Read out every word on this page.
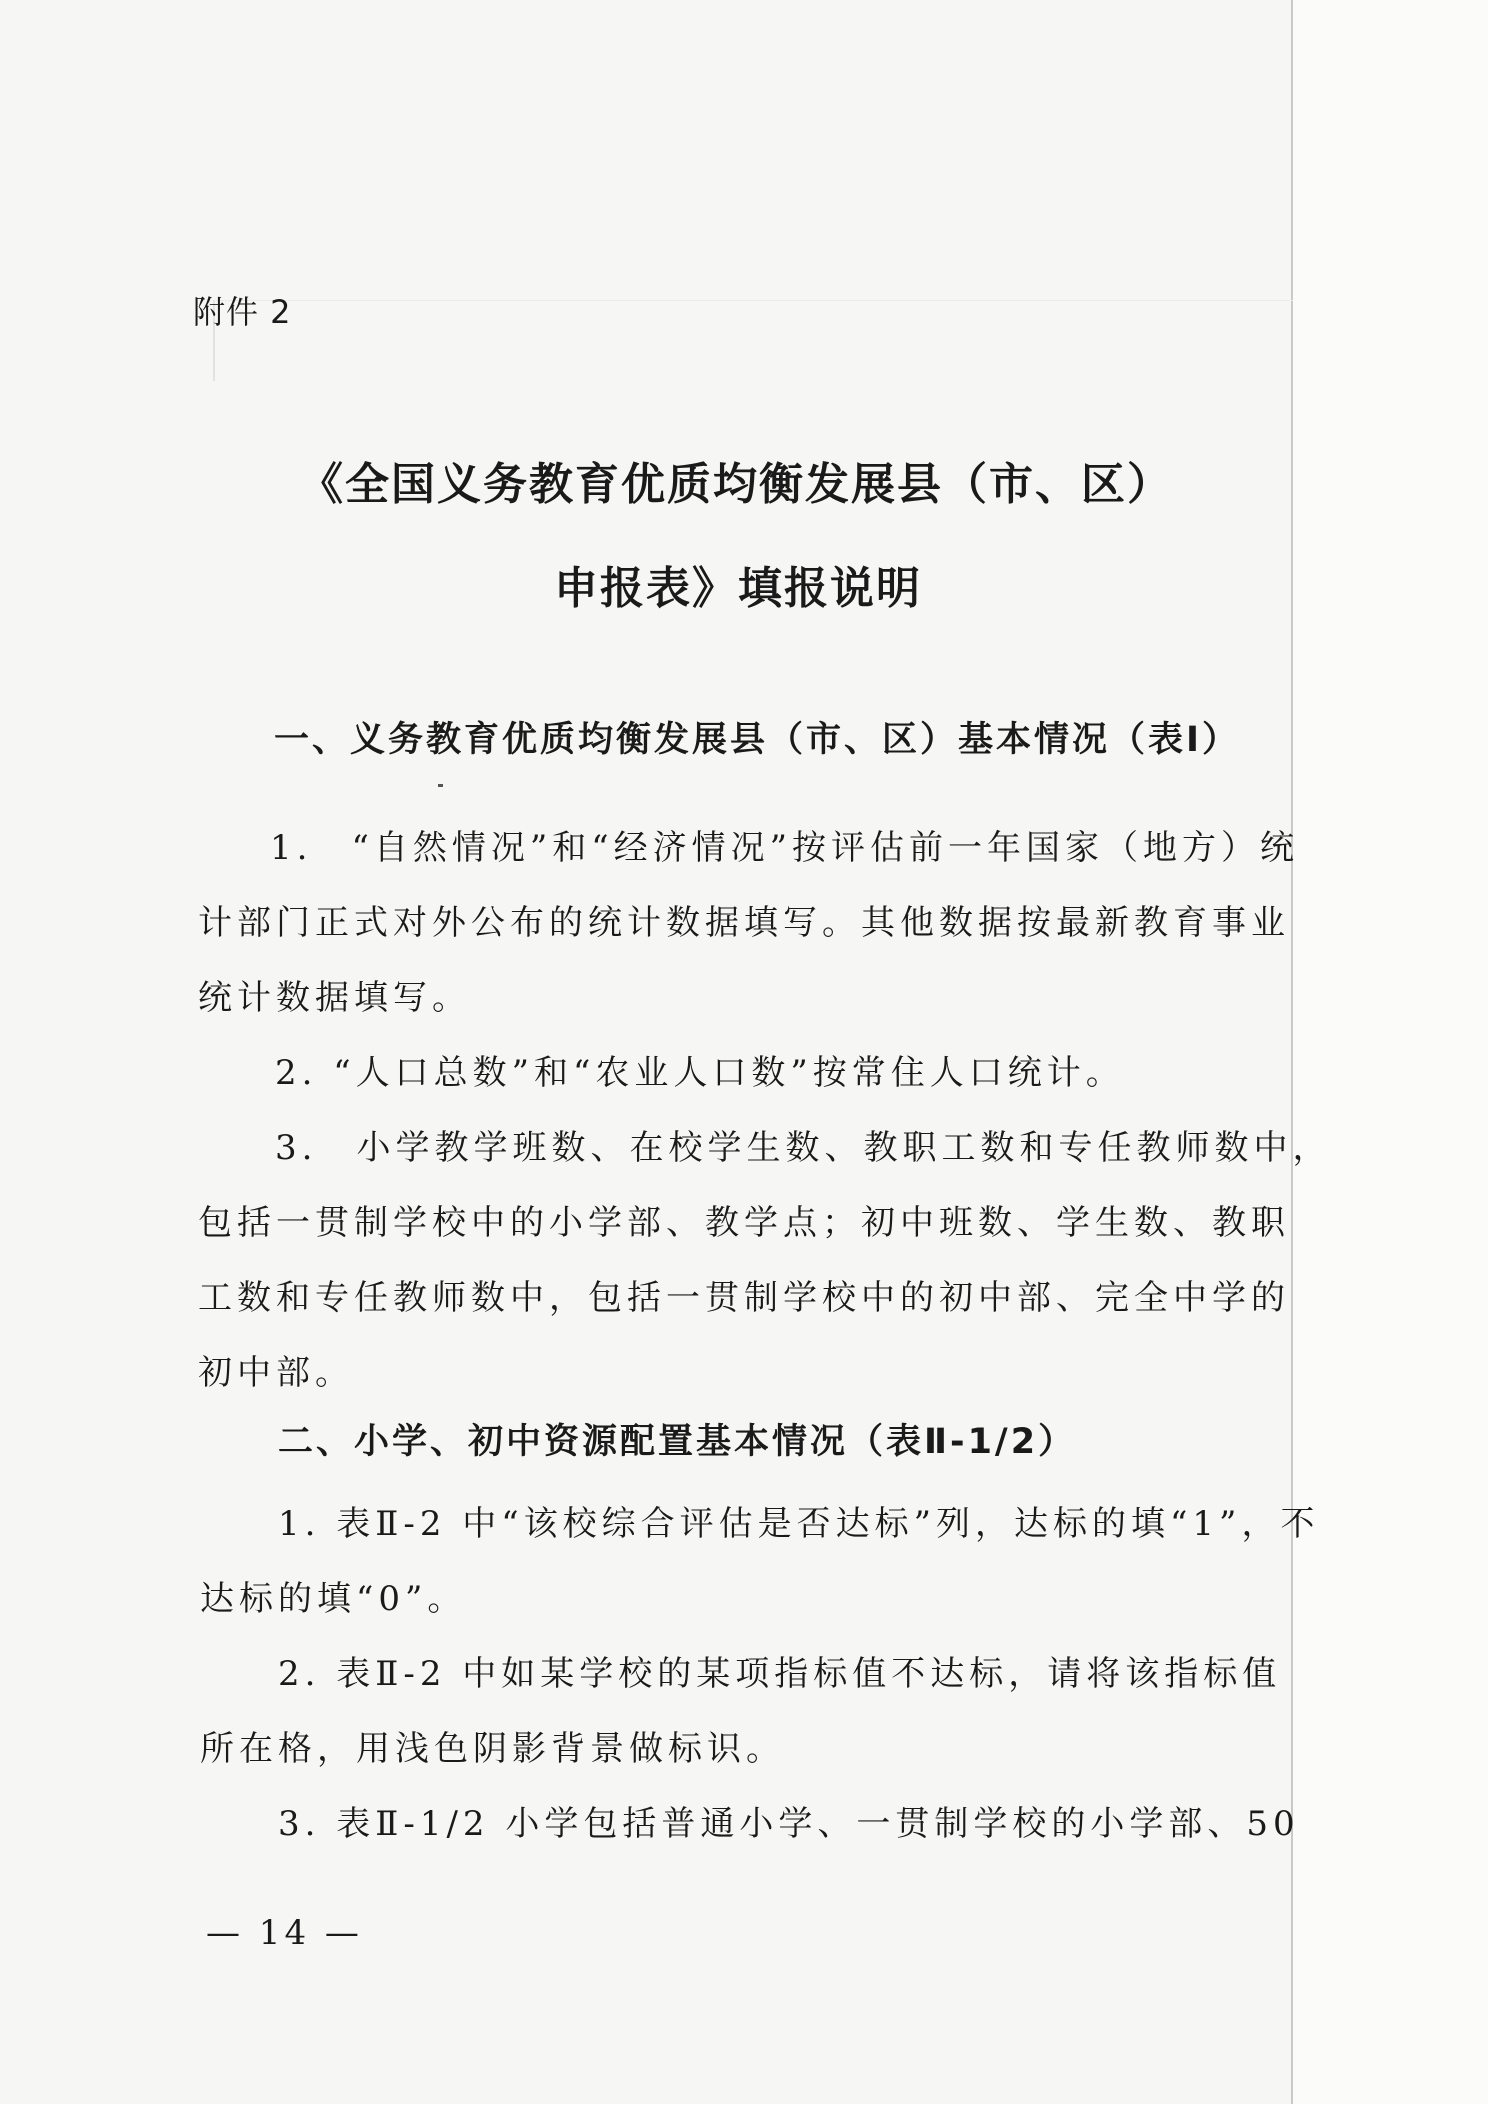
附件 2
《全国义务教育优质均衡发展县（市、区）
申报表》填报说明
一、义务教育优质均衡发展县（市、区）基本情况（表Ⅰ）
1.　“自然情况”和“经济情况”按评估前一年国家（地方）统
计部门正式对外公布的统计数据填写。其他数据按最新教育事业
统计数据填写。
2. “人口总数”和“农业人口数”按常住人口统计。
3.　小学教学班数、在校学生数、教职工数和专任教师数中，
包括一贯制学校中的小学部、教学点；初中班数、学生数、教职
工数和专任教师数中，包括一贯制学校中的初中部、完全中学的
初中部。
二、小学、初中资源配置基本情况（表Ⅱ-1/2）
1. 表Ⅱ-2 中“该校综合评估是否达标”列，达标的填“1”，不
达标的填“0”。
2. 表Ⅱ-2 中如某学校的某项指标值不达标，请将该指标值
所在格，用浅色阴影背景做标识。
3. 表Ⅱ-1/2 小学包括普通小学、一贯制学校的小学部、50
— 14 —
